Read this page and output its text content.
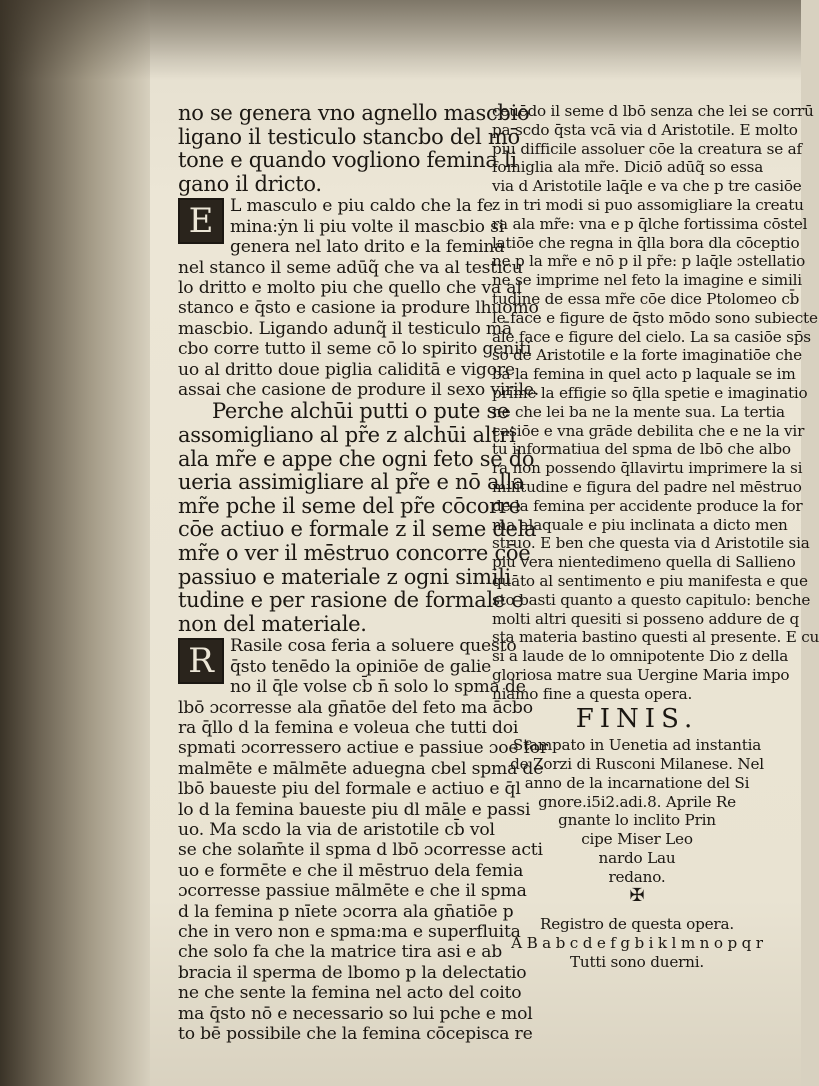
no se genera vno agnello mascbio
ligano il testiculo stancbo del mō
tone e quando vogliono femina li
gano il dricto.
E L masculo e piu caldo che la fe
mina:ẏn li piu volte il mascbio si
genera nel lato drito e la femina
nel stanco il seme adūq̃ che va al testicu
lo dritto e molto piu che quello che va al
stanco e q̄sto e casione ia produre lhuomo
mascbio. Ligando adunq̃ il testiculo mā
cbo corre tutto il seme cō lo spirito geniti
uo al dritto doue piglia caliditā e vigore
assai che casione de produre il sexo virile.
Perche alchūi putti o pute se
assomigliano al pr̃e z alchūi altri
ala mr̃e e appe che ogni feto se do
ueria assimigliare al pr̃e e nō alla
mr̃e pche il seme del pr̃e cōcorre
cōe actiuo e formale z il seme dela
mr̃e o ver il mēstruo concorre cōe
passiuo e materiale z ogni simili
tudine e per rasione de formale e
non del materiale.
R Rasile cosa feria a soluere questo
q̄sto tenēdo la opiniōe de galie
no il q̄le volse cb̄ n̄ solo lo spma de
lbō ɔcorresse ala gn̄atōe del feto ma ācbo
ra q̄llo d la femina e voleua che tutti doi
spmati ɔcorressero actiue e passiue ɔoe for
malmēte e mālmēte aduegna cbel spma de
lbō baueste piu del formale e actiuo e q̄l
lo d la femina baueste piu dl māle e passi
uo. Ma scdo la via de aristotile cb̄ vol
se che solam̄te il spma d lbō ɔcorresse acti
uo e formēte e che il mēstruo dela femia
ɔcorresse passiue mālmēte e che il spma
d la femina p nīete ɔcorra ala gn̄atiōe p
che in vero non e spma:ma e superfluita
che solo fa che la matrice tira asi e ab
bracia il sperma de lbomo p la delectatio
ne che sente la femina nel acto del coito
ma q̄sto nō e necessario so lui pche e mol
to bē possibile che la femina cōcepisca re
ceuēdo il seme d lbō senza che lei se corrū
pa scdo q̄sta vcā via d Aristotile. E molto
piu difficile assoluer cōe la creatura se af
fomiglia ala mr̃e. Diciō adūq̃ so essa
via d Aristotile laq̄le e va che p tre casiōe
z in tri modi si puo assomigliare la creatu
ra ala mr̃e: vna e p q̄lche fortissima cōstel
latiōe che regna in q̄lla bora dla cōceptio
ne p la mr̃e e nō p il pr̃e: p laq̄le ɔstellatio
ne se imprime nel feto la imagine e simili
tudine de essa mr̃e cōe dice Ptolomeo cb̄
le face e figure de q̄sto mōdo sono subiecte
ale face e figure del cielo. La sa casiōe sp̄s
so de Aristotile e la forte imaginatiōe che
ba la femina in quel acto p laquale se im
prime la effigie so q̄lla spetie e imaginatio
ne che lei ba ne la mente sua. La tertia
casiōe e vna grāde debilita che e ne la vir
tu informatiua del spma de lbō che albo
ra non possendo q̄llavirtu imprimere la si
militudine e figura del padre nel mēstruo
de la femina per accidente produce la for
ma alaquale e piu inclinata a dicto men
struo. E ben che questa via d Aristotile sia
piu vera nientedimeno quella di Sallieno
quāto al sentimento e piu manifesta e que
sto basti quanto a questo capitulo: benche
molti altri quesiti si posseno addure de q
sta materia bastino questi al presente. E cu
si a laude de lo omnipotente Dio z della
gloriosa matre sua Uergine Maria impo
niamo fine a questa opera.
FINIS.
Stampato in Uenetia ad instantia
de Zorzi di Rusconi Milanese. Nel
anno de la incarnatione del Si
gnore.i5i2.adi.8. Aprile Re
gnante lo inclito Prin
cipe Miser Leo
nardo Lau
redano.
✠
Registro de questa opera.
A B a b c d e f g b i k l m n o p q r
Tutti sono duerni.
